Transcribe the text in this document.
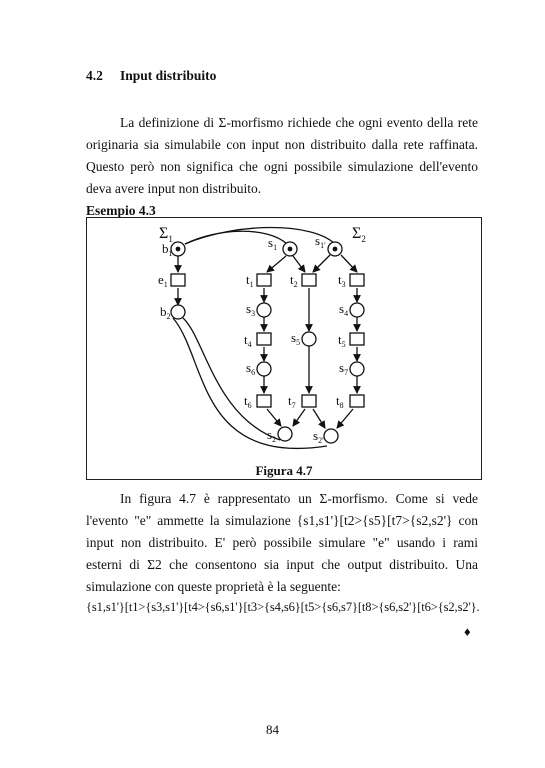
4.2 Input distribuito

La definizione di Σ-morfismo richiede che ogni evento della rete originaria sia simulabile con input non distribuito dalla rete raffinata. Questo però non significa che ogni possibile simulazione dell'evento deva avere input non distribuito.

Esempio 4.3
$\Sigma_1$	$\Sigma_2$
$b_1$
$b_2$
$s_1$	$s_{1'}$
$s_3$	$s_4$
$s_5$
$s_6$	$s_7$
$s_2$	$s_{2'}$
$e_1$	$t_1$	$t_2$	$t_3$
$t_4$	$t_5$
$t_6$	$t_7$	$t_8$
Figura 4.7

In figura 4.7 è rappresentato un Σ-morfismo. Come si vede l'evento "e" ammette la simulazione {s1,s1'}[t2>{s5}[t7>{s2,s2'} con input non distribuito. E' però possibile simulare "e" usando i rami esterni di Σ2 che consentono sia input che output distribuito. Una simulazione con queste proprietà è la seguente:

{s1,s1'}[t1>{s3,s1'}[t4>{s6,s1'}[t3>{s4,s6}[t5>{s6,s7}[t8>{s6,s2'}[t6>{s2,s2'}.
♦
84
